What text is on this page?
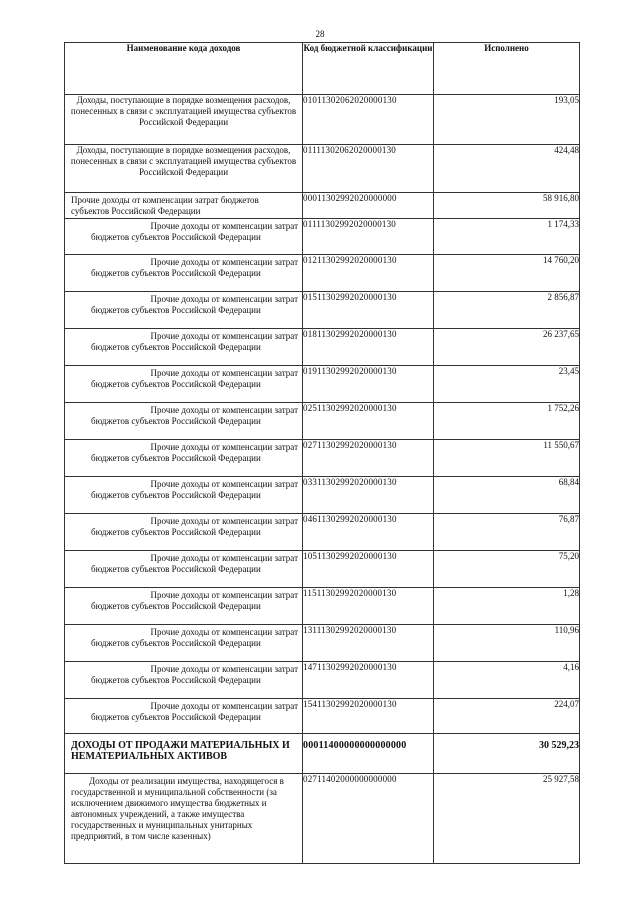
28
Наименование кода доходов	Код бюджетной классификации	Исполнено
Доходы, поступающие в порядке возмещения расходов, понесенных в связи с эксплуатацией имущества субъектов Российской Федерации	01011302062020000130	193,05
Доходы, поступающие в порядке возмещения расходов, понесенных в связи с эксплуатацией имущества субъектов Российской Федерации	01111302062020000130	424,48
Прочие доходы от компенсации затрат бюджетов субъектов Российской Федерации	00011302992020000000	58 916,80

Прочие доходы от компенсации затрат
бюджетов субъектов Российской Федерации	01111302992020000130	1 174,33

Прочие доходы от компенсации затрат
бюджетов субъектов Российской Федерации	01211302992020000130	14 760,20

Прочие доходы от компенсации затрат
бюджетов субъектов Российской Федерации	01511302992020000130	2 856,87

Прочие доходы от компенсации затрат
бюджетов субъектов Российской Федерации	01811302992020000130	26 237,65

Прочие доходы от компенсации затрат
бюджетов субъектов Российской Федерации	01911302992020000130	23,45

Прочие доходы от компенсации затрат
бюджетов субъектов Российской Федерации	02511302992020000130	1 752,26

Прочие доходы от компенсации затрат
бюджетов субъектов Российской Федерации	02711302992020000130	11 550,67

Прочие доходы от компенсации затрат
бюджетов субъектов Российской Федерации	03311302992020000130	68,84

Прочие доходы от компенсации затрат
бюджетов субъектов Российской Федерации	04611302992020000130	76,87

Прочие доходы от компенсации затрат
бюджетов субъектов Российской Федерации	10511302992020000130	75,20

Прочие доходы от компенсации затрат
бюджетов субъектов Российской Федерации	11511302992020000130	1,28

Прочие доходы от компенсации затрат
бюджетов субъектов Российской Федерации	13111302992020000130	110,96

Прочие доходы от компенсации затрат
бюджетов субъектов Российской Федерации	14711302992020000130	4,16

Прочие доходы от компенсации затрат
бюджетов субъектов Российской Федерации	15411302992020000130	224,07
ДОХОДЫ ОТ ПРОДАЖИ МАТЕРИАЛЬНЫХ И НЕМАТЕРИАЛЬНЫХ АКТИВОВ	00011400000000000000	30 529,23
Доходы от реализации имущества, находящегося в государственной и муниципальной собственности (за исключением движимого имущества бюджетных и автономных учреждений, а также имущества государственных и муниципальных унитарных предприятий, в том числе казенных)	02711402000000000000	25 927,58
